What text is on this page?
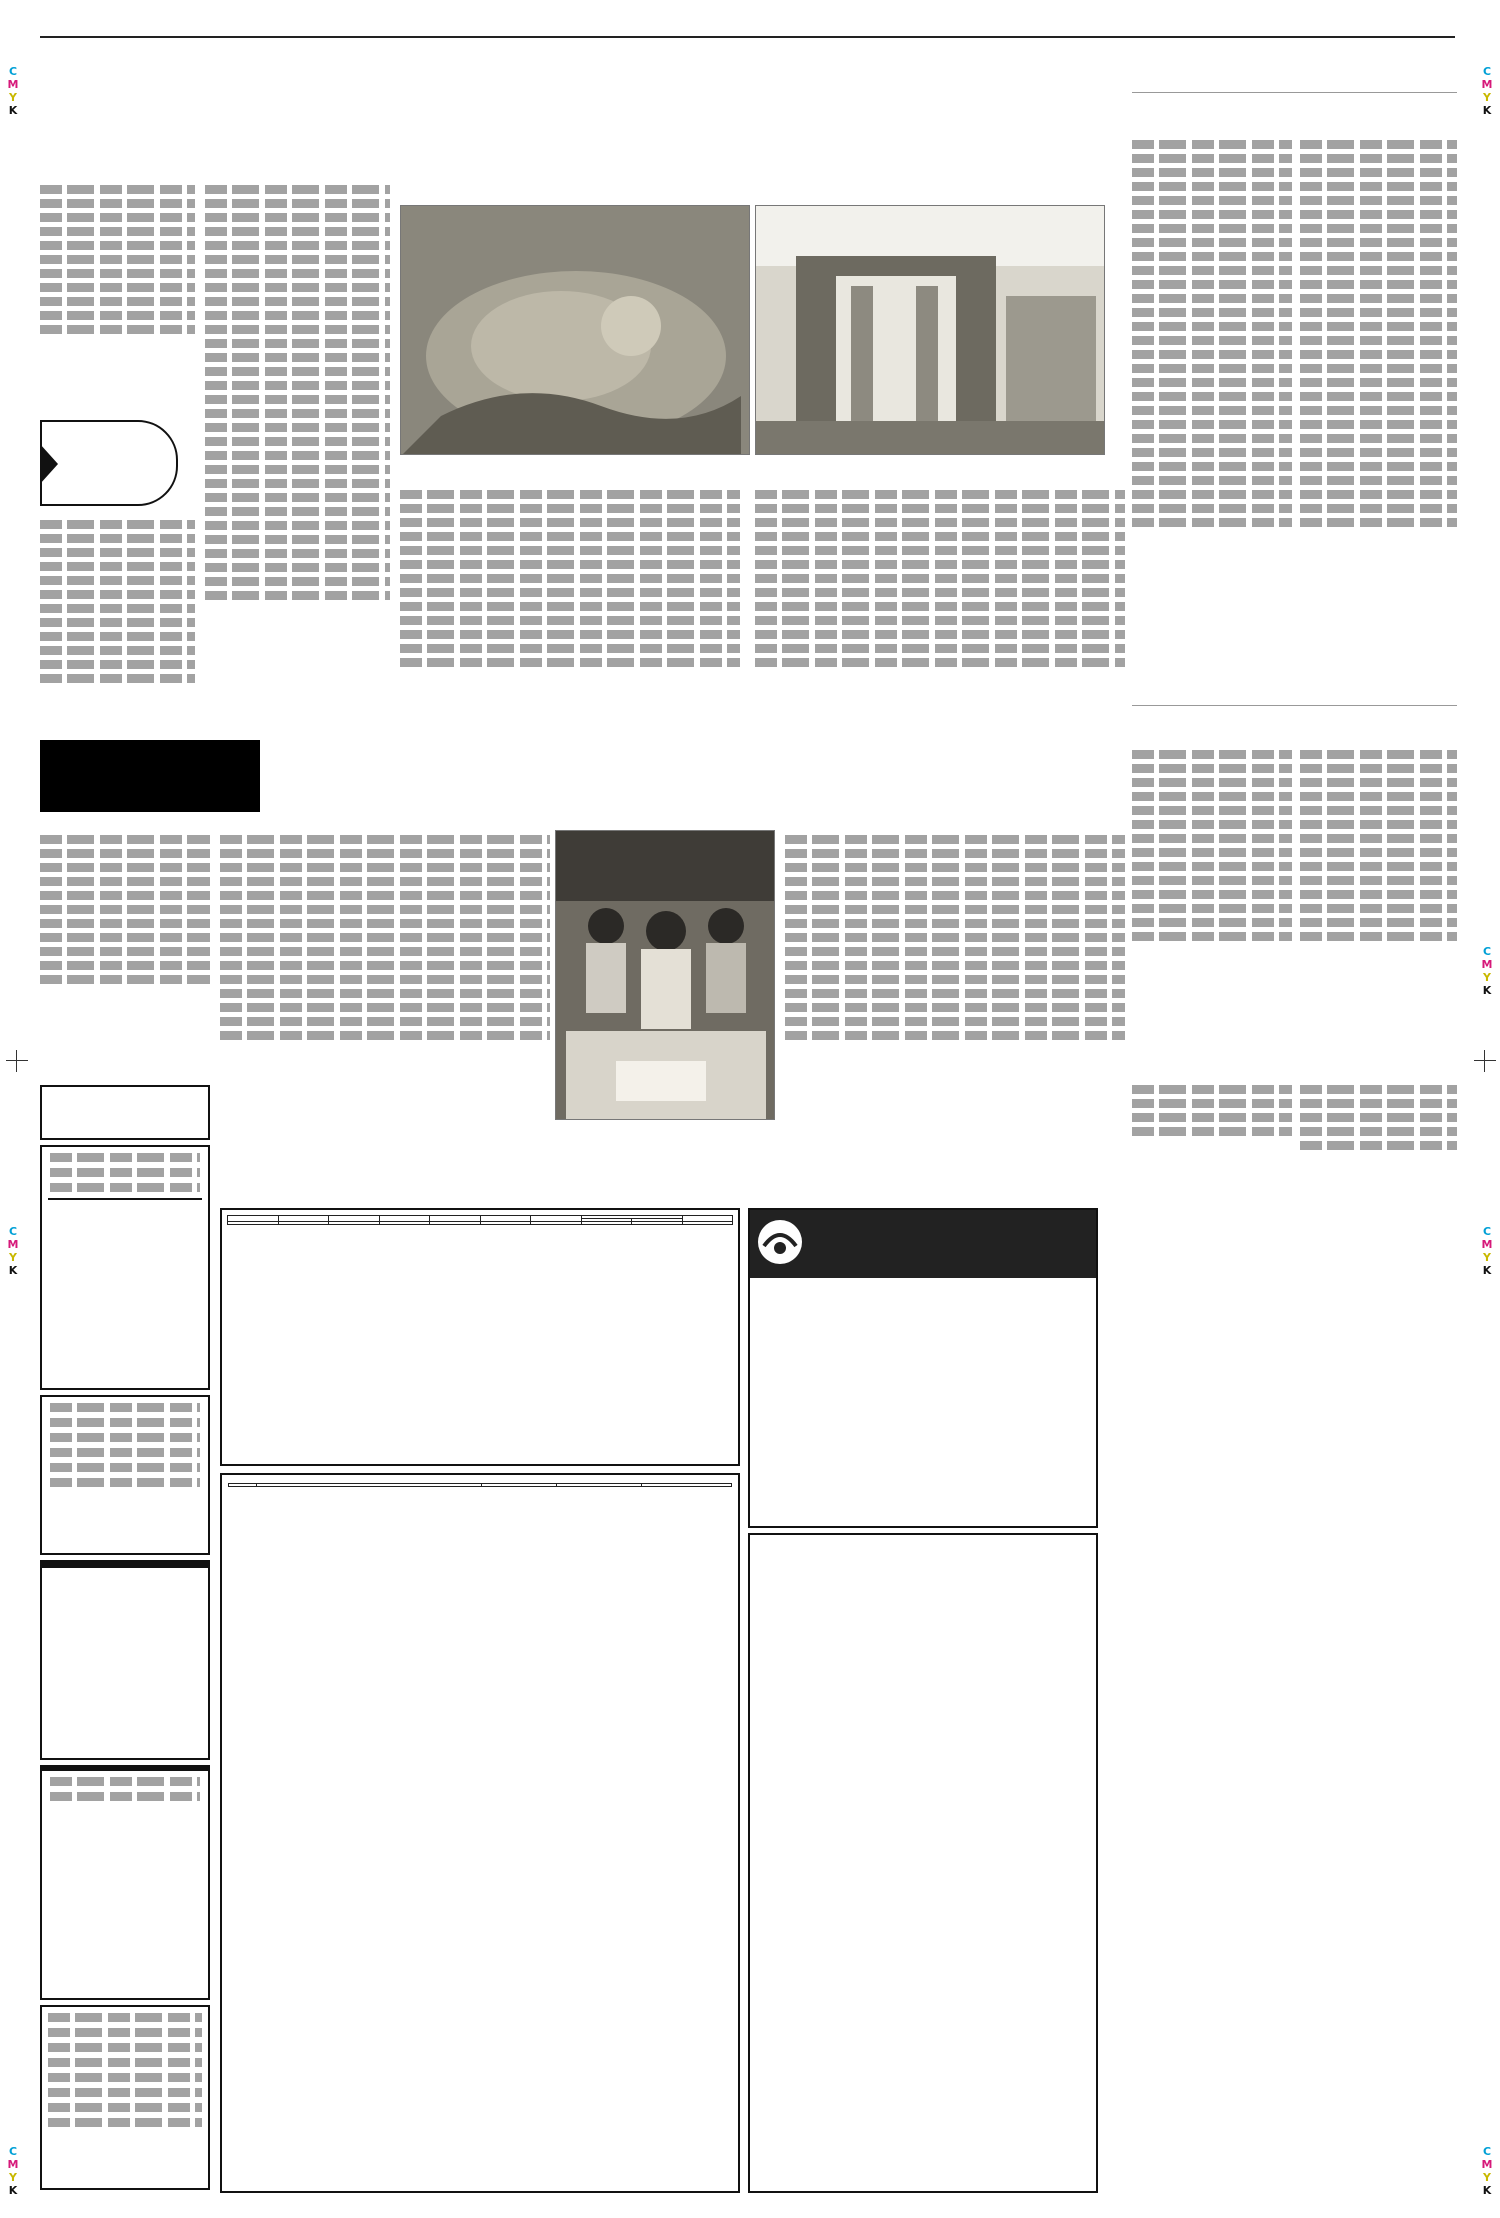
C
M
Y
K
C
M
Y
K
C
M
Y
K
C
M
Y
K
C
M
Y
K
C
M
Y
K
C
M
Y
K
